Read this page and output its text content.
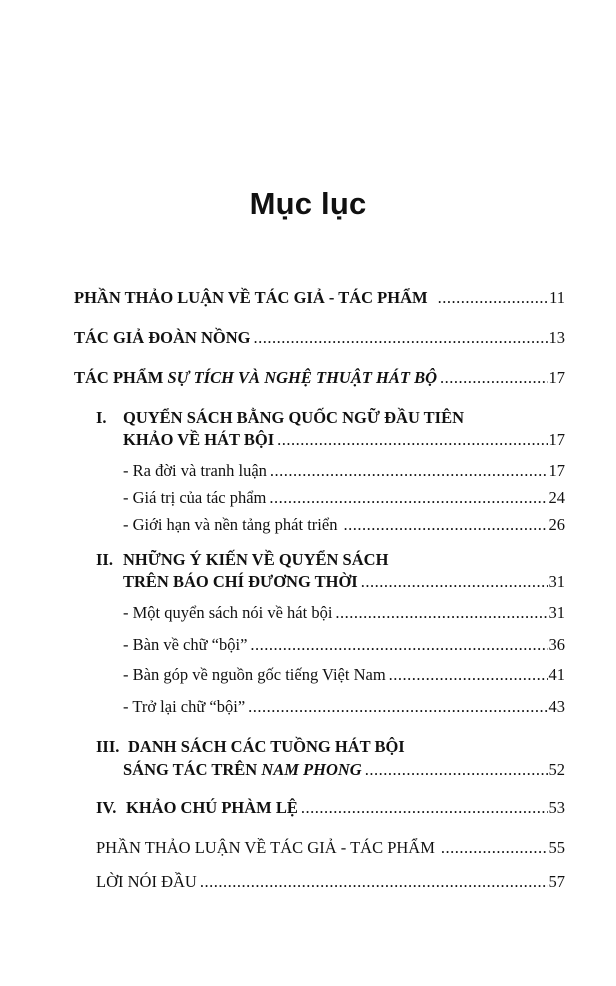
Mục lục
PHẦN THẢO LUẬN VỀ TÁC GIẢ - TÁC PHẨM .....	11
TÁC GIẢ ĐOÀN NỒNG .....	13
TÁC PHẨM SỰ TÍCH VÀ NGHỆ THUẬT HÁT BỘ .....	17
I. QUYỂN SÁCH BẰNG QUỐC NGỮ ĐẦU TIÊN
KHẢO VỀ HÁT BỘI .....	17
- Ra đời và tranh luận .....	17
- Giá trị của tác phẩm .....	24
- Giới hạn và nền tảng phát triển .....	26
II. NHỮNG Ý KIẾN VỀ QUYỂN SÁCH
TRÊN BÁO CHÍ ĐƯƠNG THỜI .....	31
- Một quyển sách nói về hát bội .....	31
- Bàn về chữ “bội” .....	36
- Bàn góp về nguồn gốc tiếng Việt Nam .....	41
- Trở lại chữ “bội” .....	43
III. DANH SÁCH CÁC TUỒNG HÁT BỘI
SÁNG TÁC TRÊN NAM PHONG .....	52
IV. KHẢO CHÚ PHÀM LỆ .....	53
PHẦN THẢO LUẬN VỀ TÁC GIẢ - TÁC PHẨM .....	55
LỜI NÓI ĐẦU .....	57
